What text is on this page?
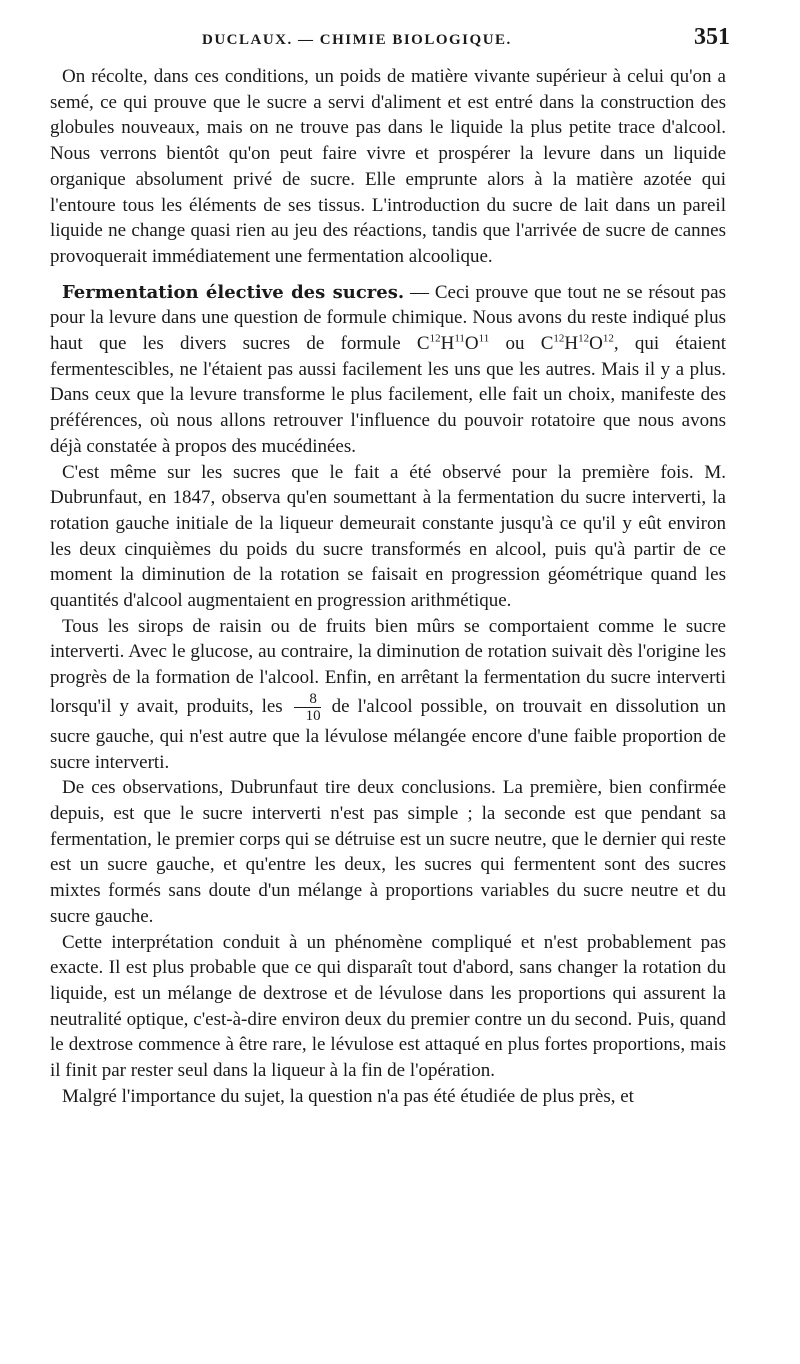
DUCLAUX. — CHIMIE BIOLOGIQUE.	351

On récolte, dans ces conditions, un poids de matière vivante supérieur à celui qu'on a semé, ce qui prouve que le sucre a servi d'aliment et est entré dans la construction des globules nouveaux, mais on ne trouve pas dans le liquide la plus petite trace d'alcool. Nous verrons bientôt qu'on peut faire vivre et prospérer la levure dans un liquide organique absolument privé de sucre. Elle emprunte alors à la matière azotée qui l'entoure tous les éléments de ses tissus. L'introduction du sucre de lait dans un pareil liquide ne change quasi rien au jeu des réactions, tandis que l'arrivée de sucre de cannes provoquerait immédiatement une fermentation alcoolique.

Fermentation élective des sucres. — Ceci prouve que tout ne se résout pas pour la levure dans une question de formule chimique. Nous avons du reste indiqué plus haut que les divers sucres de formule $C^{12}H^{11}O^{11}$ ou $C^{12}H^{12}O^{12}$, qui étaient fermentescibles, ne l'étaient pas aussi facilement les uns que les autres. Mais il y a plus. Dans ceux que la levure transforme le plus facilement, elle fait un choix, manifeste des préférences, où nous allons retrouver l'influence du pouvoir rotatoire que nous avons déjà constatée à propos des mucédinées.

C'est même sur les sucres que le fait a été observé pour la première fois. M. Dubrunfaut, en 1847, observa qu'en soumettant à la fermentation du sucre interverti, la rotation gauche initiale de la liqueur demeurait constante jusqu'à ce qu'il y eût environ les deux cinquièmes du poids du sucre transformés en alcool, puis qu'à partir de ce moment la diminution de la rotation se faisait en progression géométrique quand les quantités d'alcool augmentaient en progression arithmétique.

Tous les sirops de raisin ou de fruits bien mûrs se comportaient comme le sucre interverti. Avec le glucose, au contraire, la diminution de rotation suivait dès l'origine les progrès de la formation de l'alcool. Enfin, en arrêtant la fermentation du sucre interverti lorsqu'il y avait, produits, les $\frac{8}{10}$ de l'alcool possible, on trouvait en dissolution un sucre gauche, qui n'est autre que la lévulose mélangée encore d'une faible proportion de sucre interverti.

De ces observations, Dubrunfaut tire deux conclusions. La première, bien confirmée depuis, est que le sucre interverti n'est pas simple ; la seconde est que pendant sa fermentation, le premier corps qui se détruise est un sucre neutre, que le dernier qui reste est un sucre gauche, et qu'entre les deux, les sucres qui fermentent sont des sucres mixtes formés sans doute d'un mélange à proportions variables du sucre neutre et du sucre gauche.

Cette interprétation conduit à un phénomène compliqué et n'est probablement pas exacte. Il est plus probable que ce qui disparaît tout d'abord, sans changer la rotation du liquide, est un mélange de dextrose et de lévulose dans les proportions qui assurent la neutralité optique, c'est-à-dire environ deux du premier contre un du second. Puis, quand le dextrose commence à être rare, le lévulose est attaqué en plus fortes proportions, mais il finit par rester seul dans la liqueur à la fin de l'opération.

Malgré l'importance du sujet, la question n'a pas été étudiée de plus près, et
